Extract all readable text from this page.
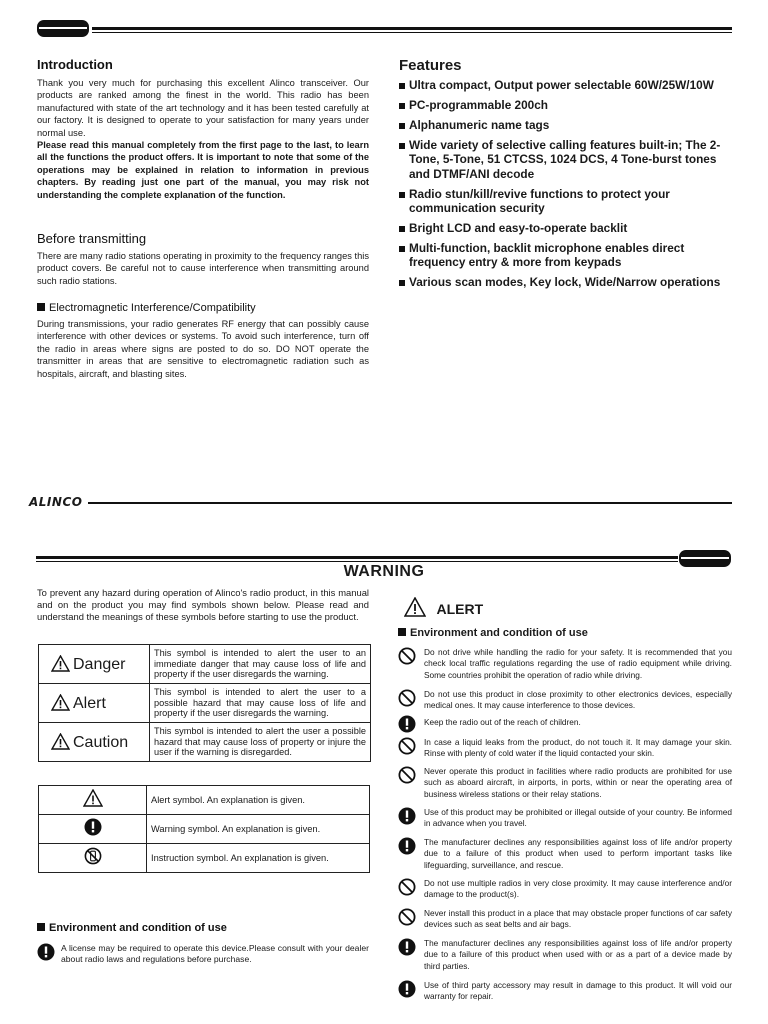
Introduction

Thank you very much for purchasing this excellent Alinco transceiver. Our products are ranked among the finest in the world. This radio has been manufactured with state of the art technology and it has been tested carefully at our factory. It is designed to operate to your satisfaction for many years under normal use.

Please read this manual completely from the first page to the last, to learn all the functions the product offers. It is important to note that some of the operations may be explained in relation to information in previous chapters. By reading just one part of the manual, you may risk not understanding the complete explanation of the function.

Before transmitting

There are many radio stations operating in proximity to the frequency ranges this product covers. Be careful not to cause interference when transmitting around such radio stations.

Electromagnetic Interference/Compatibility

During transmissions, your radio generates RF energy that can possibly cause interference with other devices or systems. To avoid such interference, turn off the radio in areas where signs are posted to do so. DO NOT operate the transmitter in areas that are sensitive to electromagnetic radiation such as hospitals, aircraft, and blasting sites.

Features
Ultra compact, Output power selectable 60W/25W/10W
PC-programmable 200ch
Alphanumeric name tags
Wide variety of selective calling features built-in; The 2-Tone, 5-Tone, 51 CTCSS, 1024 DCS, 4 Tone-burst tones and DTMF/ANI decode
Radio stun/kill/revive functions to protect your communication security
Bright LCD and easy-to-operate backlit
Multi-function, backlit microphone enables direct frequency entry & more from keypads
Various scan modes, Key lock, Wide/Narrow operations
ALINCO
WARNING

To prevent any hazard during operation of Alinco's radio product, in this manual and on the product you may find symbols shown below. Please read and understand the meanings of these symbols before starting to use the product.

Danger	This symbol is intended to alert the user to an immediate danger that may cause loss of life and property if the user disregards the warning.
Alert	This symbol is intended to alert the user to a possible hazard that may cause loss of life and property if the user disregards the warning.
Caution	This symbol is intended to alert the user a possible hazard that may cause loss of property or injure the user if the warning is disregarded.
	Alert symbol. An explanation is given.
	Warning symbol. An explanation is given.
	Instruction symbol. An explanation is given.
Environment and condition of use

A license may be required to operate this device.Please consult with your dealer about radio laws and regulations before purchase.

ALERT
Environment and condition of use
Do not drive while handling the radio for your safety. It is recommended that you check local traffic regulations regarding the use of radio equipment while driving. Some countries prohibit the operation of radio while driving.
Do not use this product in close proximity to other electronics devices, especially medical ones. It may cause interference to those devices.
Keep the radio out of the reach of children.
In case a liquid leaks from the product, do not touch it. It may damage your skin. Rinse with plenty of cold water if the liquid contacted your skin.
Never operate this product in facilities where radio products are prohibited for use such as aboard aircraft, in airports, in ports, within or near the operating area of business wireless stations or their relay stations.
Use of this product may be prohibited or illegal outside of your country. Be informed in advance when you travel.
The manufacturer declines any responsibilities against loss of life and/or property due to a failure of this product when used to perform important tasks like lifeguarding, surveillance, and rescue.
Do not use multiple radios in very close proximity. It may cause interference and/or damage to the product(s).
Never install this product in a place that may obstacle proper functions of car safety devices such as seat belts and air bags.
The manufacturer declines any responsibilities against loss of life and/or property due to a failure of this product when used with or as a part of a device made by third parties.
Use of third party accessory may result in damage to this product. It will void our warranty for repair.
